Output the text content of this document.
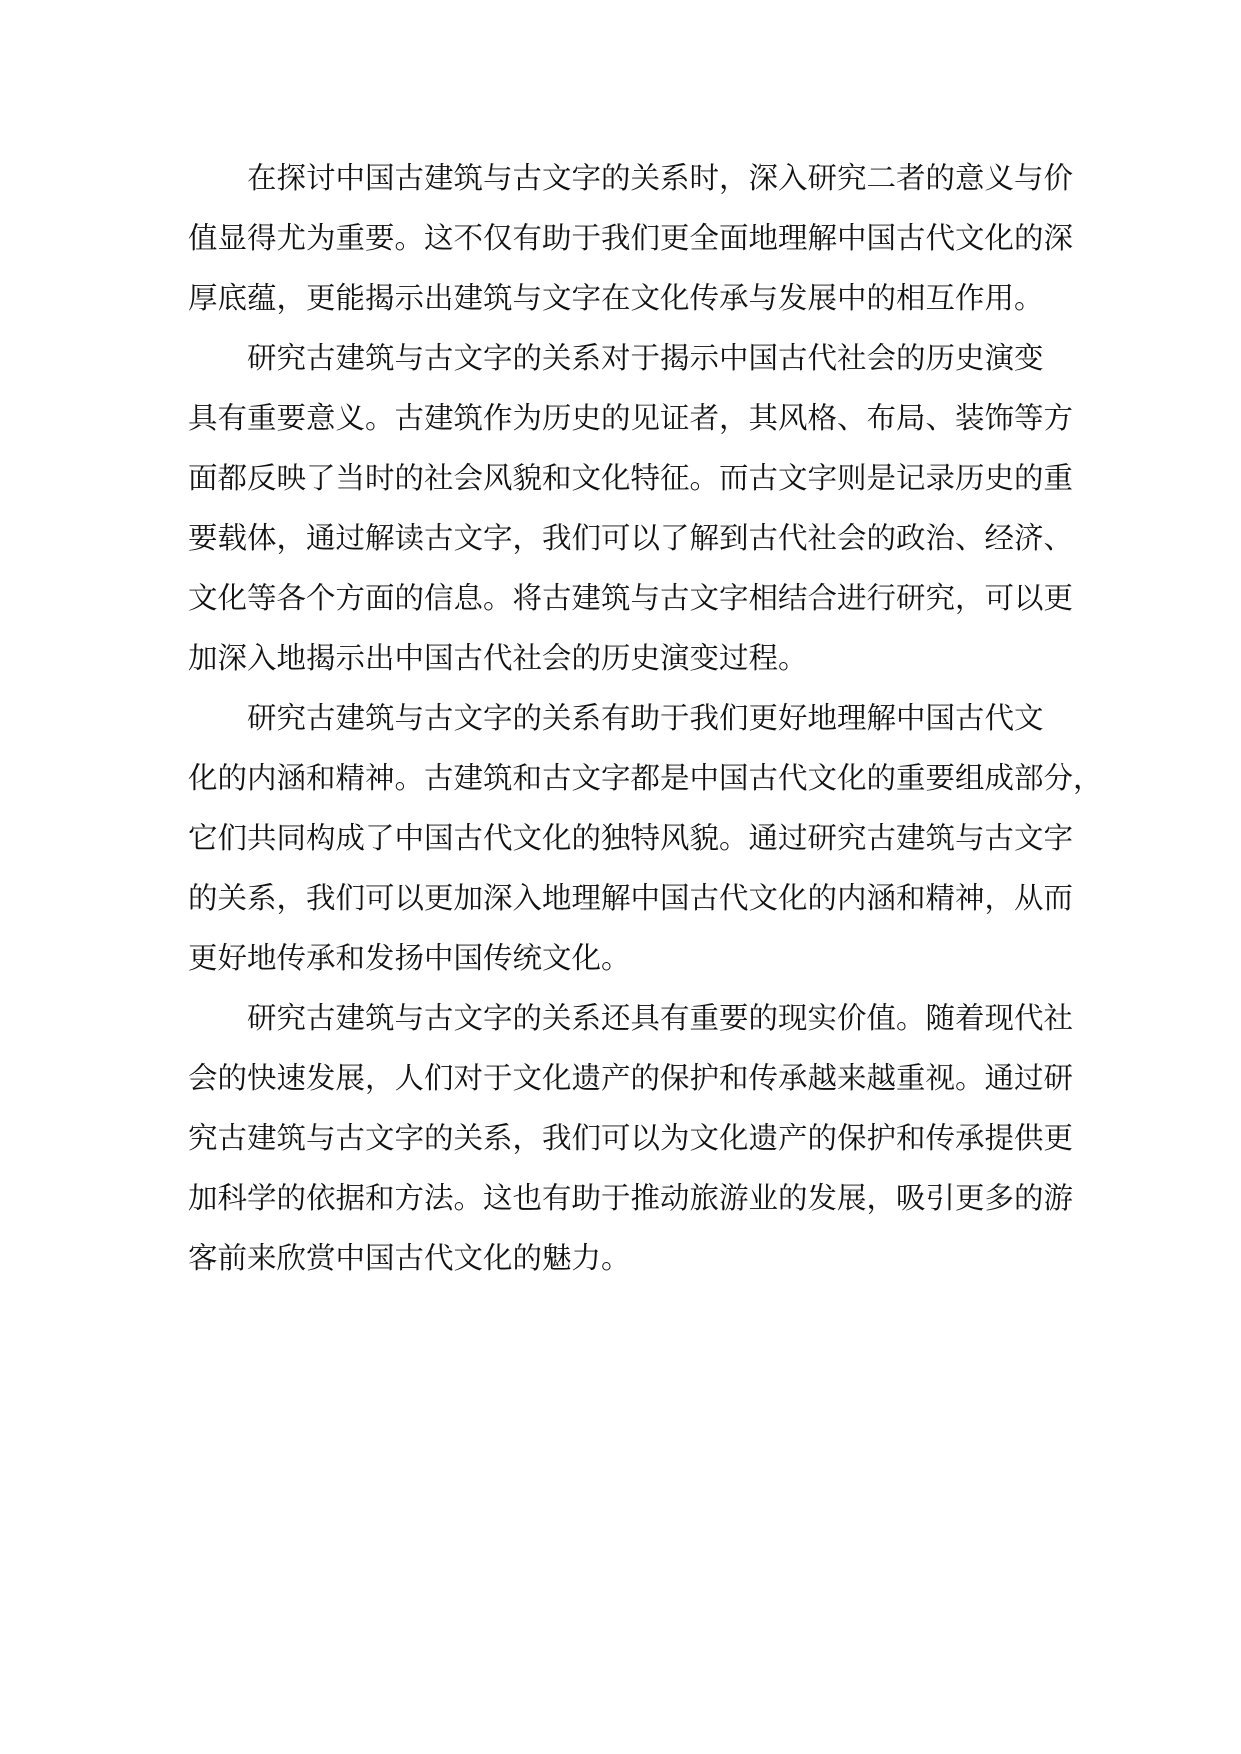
在探讨中国古建筑与古文字的关系时，深入研究二者的意义与价
值显得尤为重要。这不仅有助于我们更全面地理解中国古代文化的深
厚底蕴，更能揭示出建筑与文字在文化传承与发展中的相互作用。

研究古建筑与古文字的关系对于揭示中国古代社会的历史演变
具有重要意义。古建筑作为历史的见证者，其风格、布局、装饰等方
面都反映了当时的社会风貌和文化特征。而古文字则是记录历史的重
要载体，通过解读古文字，我们可以了解到古代社会的政治、经济、
文化等各个方面的信息。将古建筑与古文字相结合进行研究，可以更
加深入地揭示出中国古代社会的历史演变过程。

研究古建筑与古文字的关系有助于我们更好地理解中国古代文
化的内涵和精神。古建筑和古文字都是中国古代文化的重要组成部分，
它们共同构成了中国古代文化的独特风貌。通过研究古建筑与古文字
的关系，我们可以更加深入地理解中国古代文化的内涵和精神，从而
更好地传承和发扬中国传统文化。

研究古建筑与古文字的关系还具有重要的现实价值。随着现代社
会的快速发展，人们对于文化遗产的保护和传承越来越重视。通过研
究古建筑与古文字的关系，我们可以为文化遗产的保护和传承提供更
加科学的依据和方法。这也有助于推动旅游业的发展，吸引更多的游
客前来欣赏中国古代文化的魅力。
